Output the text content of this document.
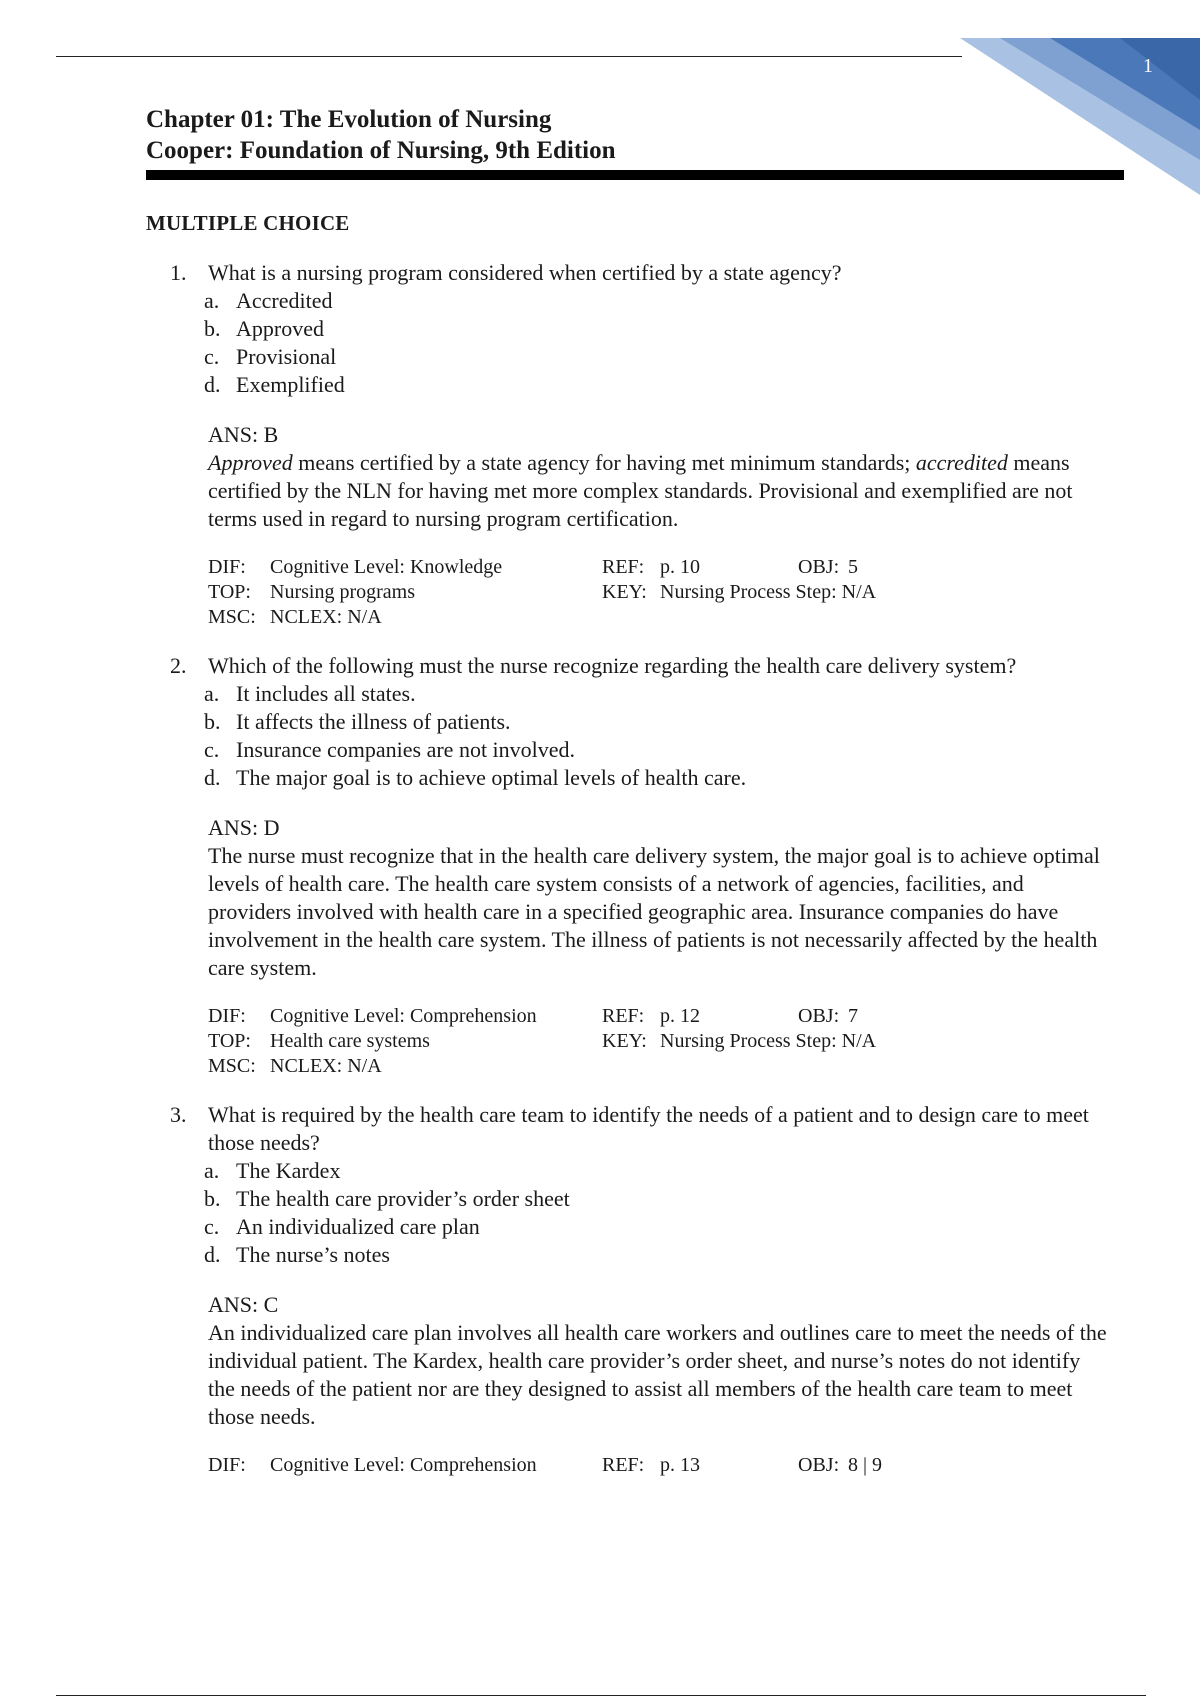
1
Chapter 01: The Evolution of Nursing
Cooper: Foundation of Nursing, 9th Edition
MULTIPLE CHOICE
1. What is a nursing program considered when certified by a state agency?
a. Accredited
b. Approved
c. Provisional
d. Exemplified
ANS: B
Approved means certified by a state agency for having met minimum standards; accredited means certified by the NLN for having met more complex standards. Provisional and exemplified are not terms used in regard to nursing program certification.
DIF: Cognitive Level: Knowledge	REF: p. 10	OBJ: 5
TOP: Nursing programs	KEY: Nursing Process Step: N/A
MSC: NCLEX: N/A
2. Which of the following must the nurse recognize regarding the health care delivery system?
a. It includes all states.
b. It affects the illness of patients.
c. Insurance companies are not involved.
d. The major goal is to achieve optimal levels of health care.
ANS: D
The nurse must recognize that in the health care delivery system, the major goal is to achieve optimal levels of health care. The health care system consists of a network of agencies, facilities, and providers involved with health care in a specified geographic area. Insurance companies do have involvement in the health care system. The illness of patients is not necessarily affected by the health care system.
DIF: Cognitive Level: Comprehension	REF: p. 12	OBJ: 7
TOP: Health care systems	KEY: Nursing Process Step: N/A
MSC: NCLEX: N/A
3. What is required by the health care team to identify the needs of a patient and to design care to meet those needs?
a. The Kardex
b. The health care provider’s order sheet
c. An individualized care plan
d. The nurse’s notes
ANS: C
An individualized care plan involves all health care workers and outlines care to meet the needs of the individual patient. The Kardex, health care provider’s order sheet, and nurse’s notes do not identify the needs of the patient nor are they designed to assist all members of the health care team to meet those needs.
DIF: Cognitive Level: Comprehension	REF: p. 13	OBJ: 8 | 9
